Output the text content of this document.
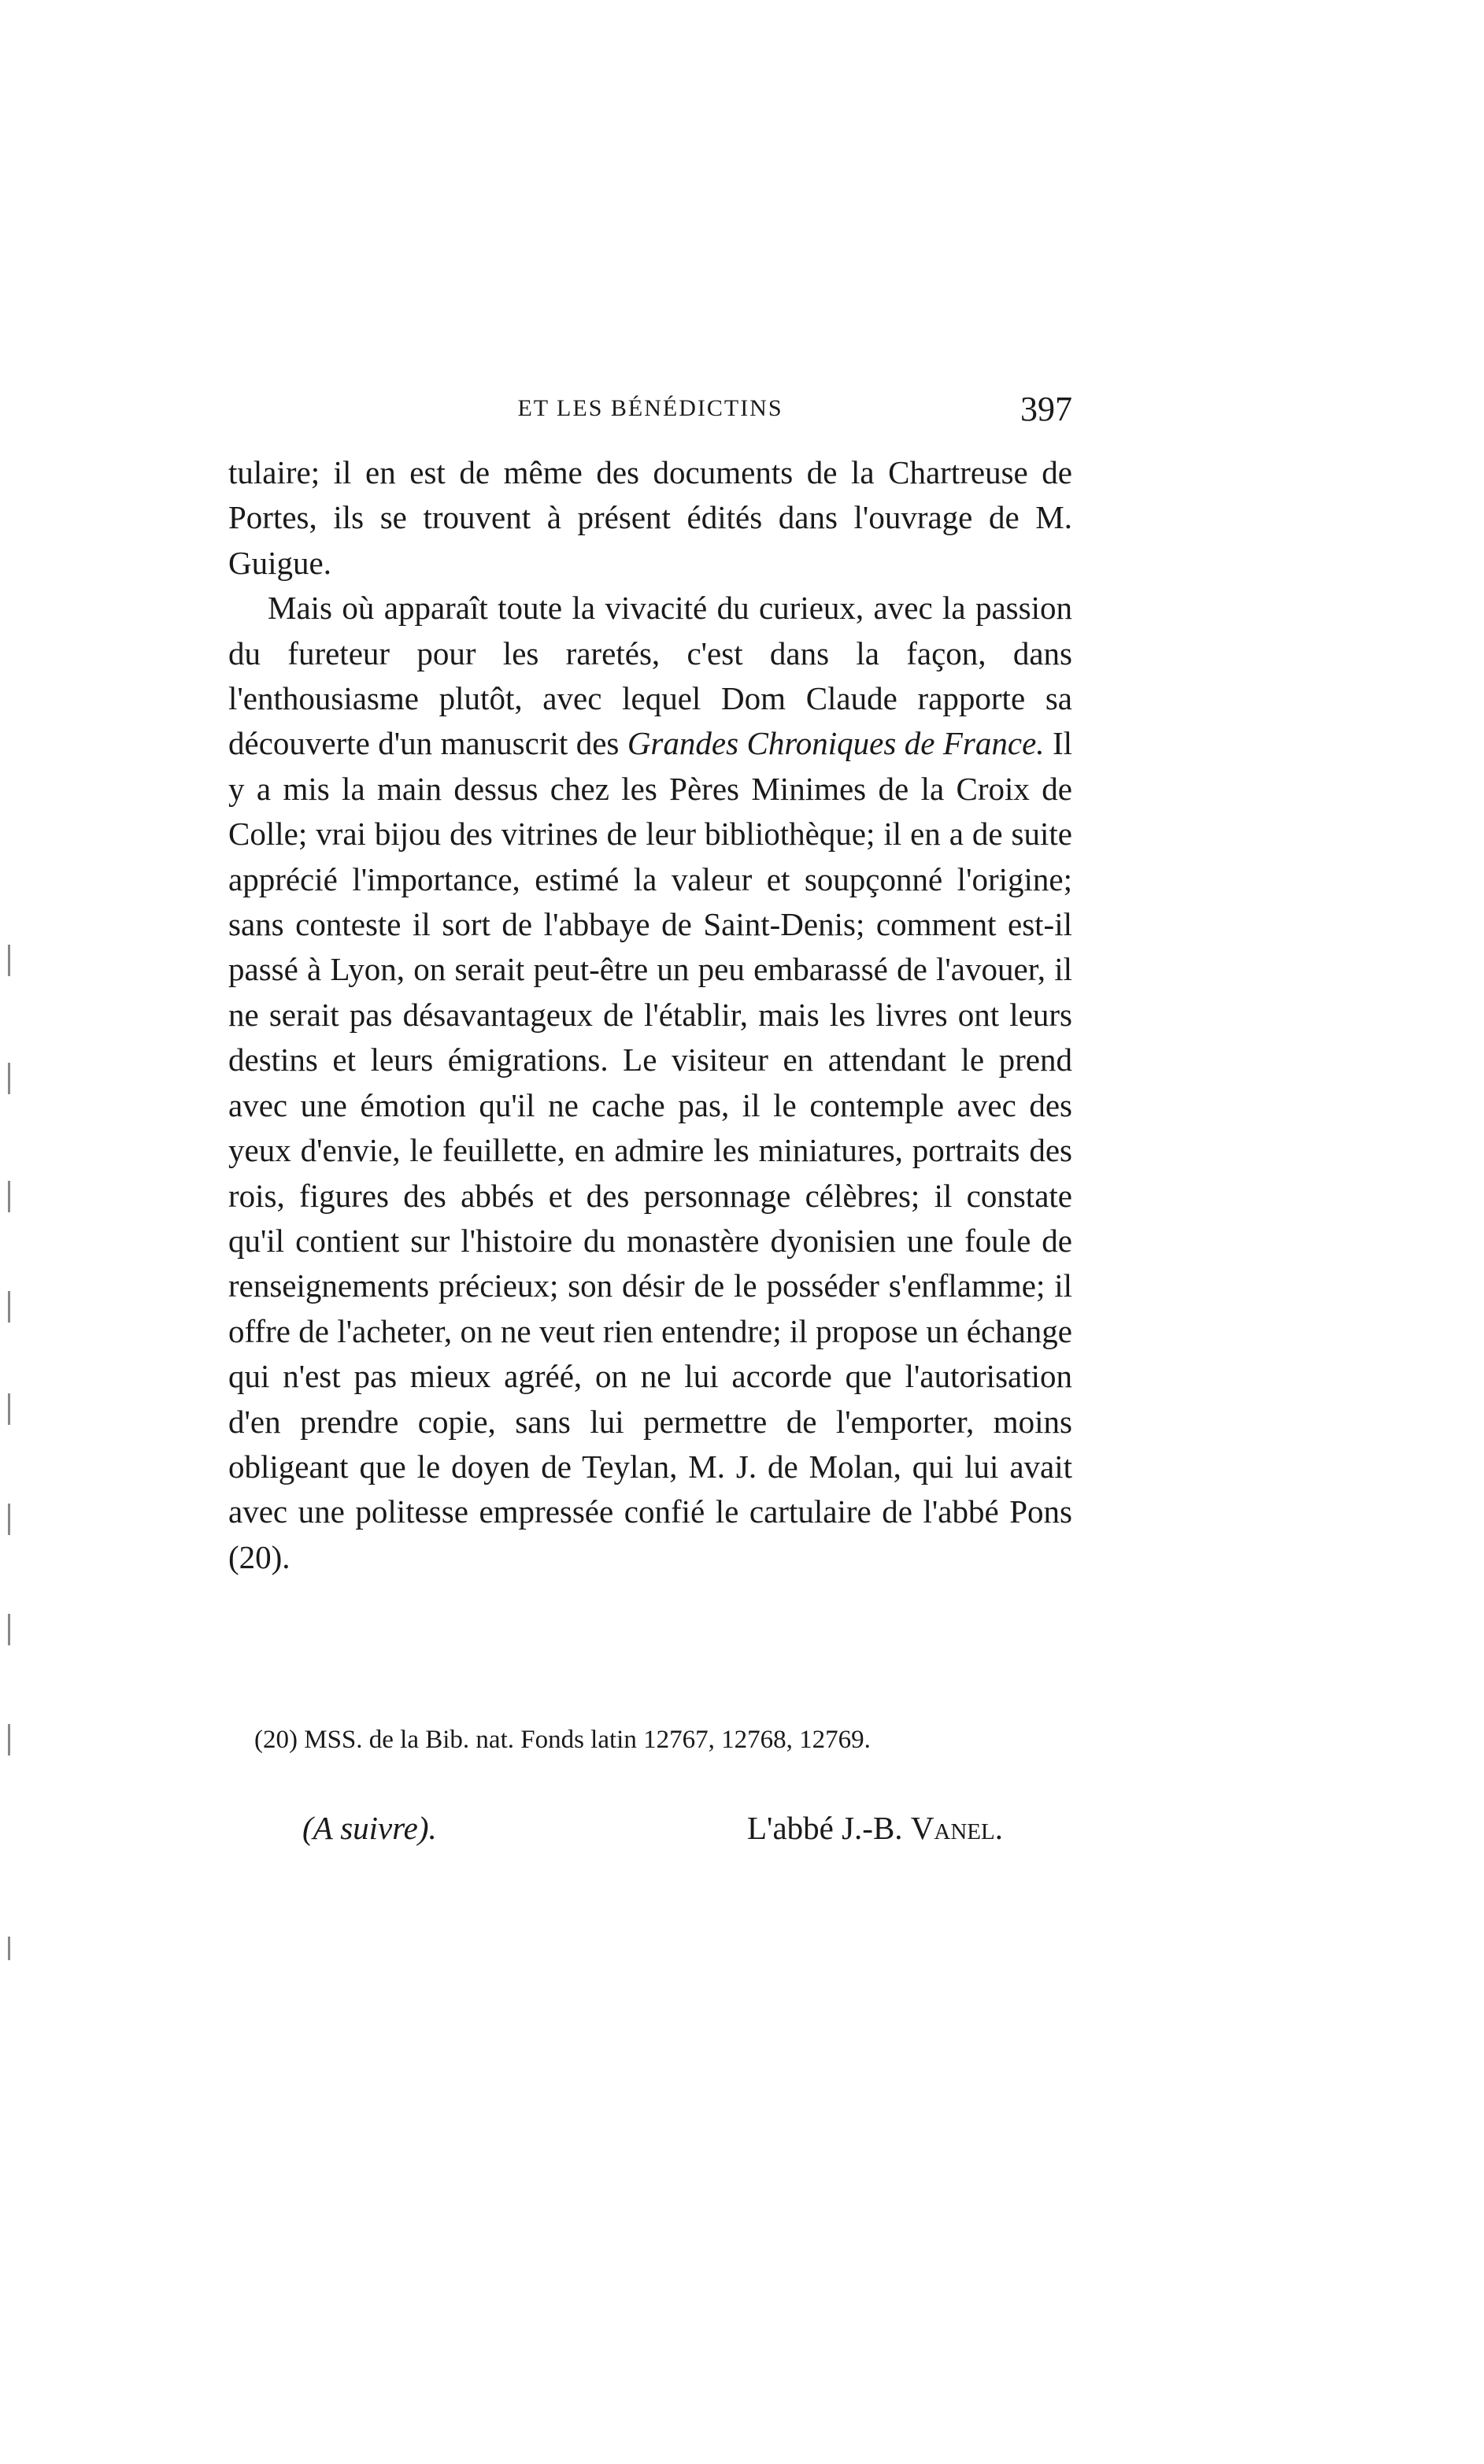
ET LES BÉNÉDICTINS	397

tulaire; il en est de même des documents de la Chartreuse de Portes, ils se trouvent à présent édités dans l'ouvrage de M. Guigue.

Mais où apparaît toute la vivacité du curieux, avec la passion du fureteur pour les raretés, c'est dans la façon, dans l'enthousiasme plutôt, avec lequel Dom Claude rapporte sa découverte d'un manuscrit des Grandes Chroniques de France. Il y a mis la main dessus chez les Pères Minimes de la Croix de Colle; vrai bijou des vitrines de leur bibliothèque; il en a de suite apprécié l'importance, estimé la valeur et soupçonné l'origine; sans conteste il sort de l'abbaye de Saint-Denis; comment est-il passé à Lyon, on serait peut-être un peu embarassé de l'avouer, il ne serait pas désavantageux de l'établir, mais les livres ont leurs destins et leurs émigrations. Le visiteur en attendant le prend avec une émotion qu'il ne cache pas, il le contemple avec des yeux d'envie, le feuillette, en admire les miniatures, portraits des rois, figures des abbés et des personnage célèbres; il constate qu'il contient sur l'histoire du monastère dyonisien une foule de renseignements précieux; son désir de le posséder s'enflamme; il offre de l'acheter, on ne veut rien entendre; il propose un échange qui n'est pas mieux agréé, on ne lui accorde que l'autorisation d'en prendre copie, sans lui permettre de l'emporter, moins obligeant que le doyen de Teylan, M. J. de Molan, qui lui avait avec une politesse empressée confié le cartulaire de l'abbé Pons (20).

(20) MSS. de la Bib. nat. Fonds latin 12767, 12768, 12769.
(A suivre).	L'abbé J.-B. Vanel.
